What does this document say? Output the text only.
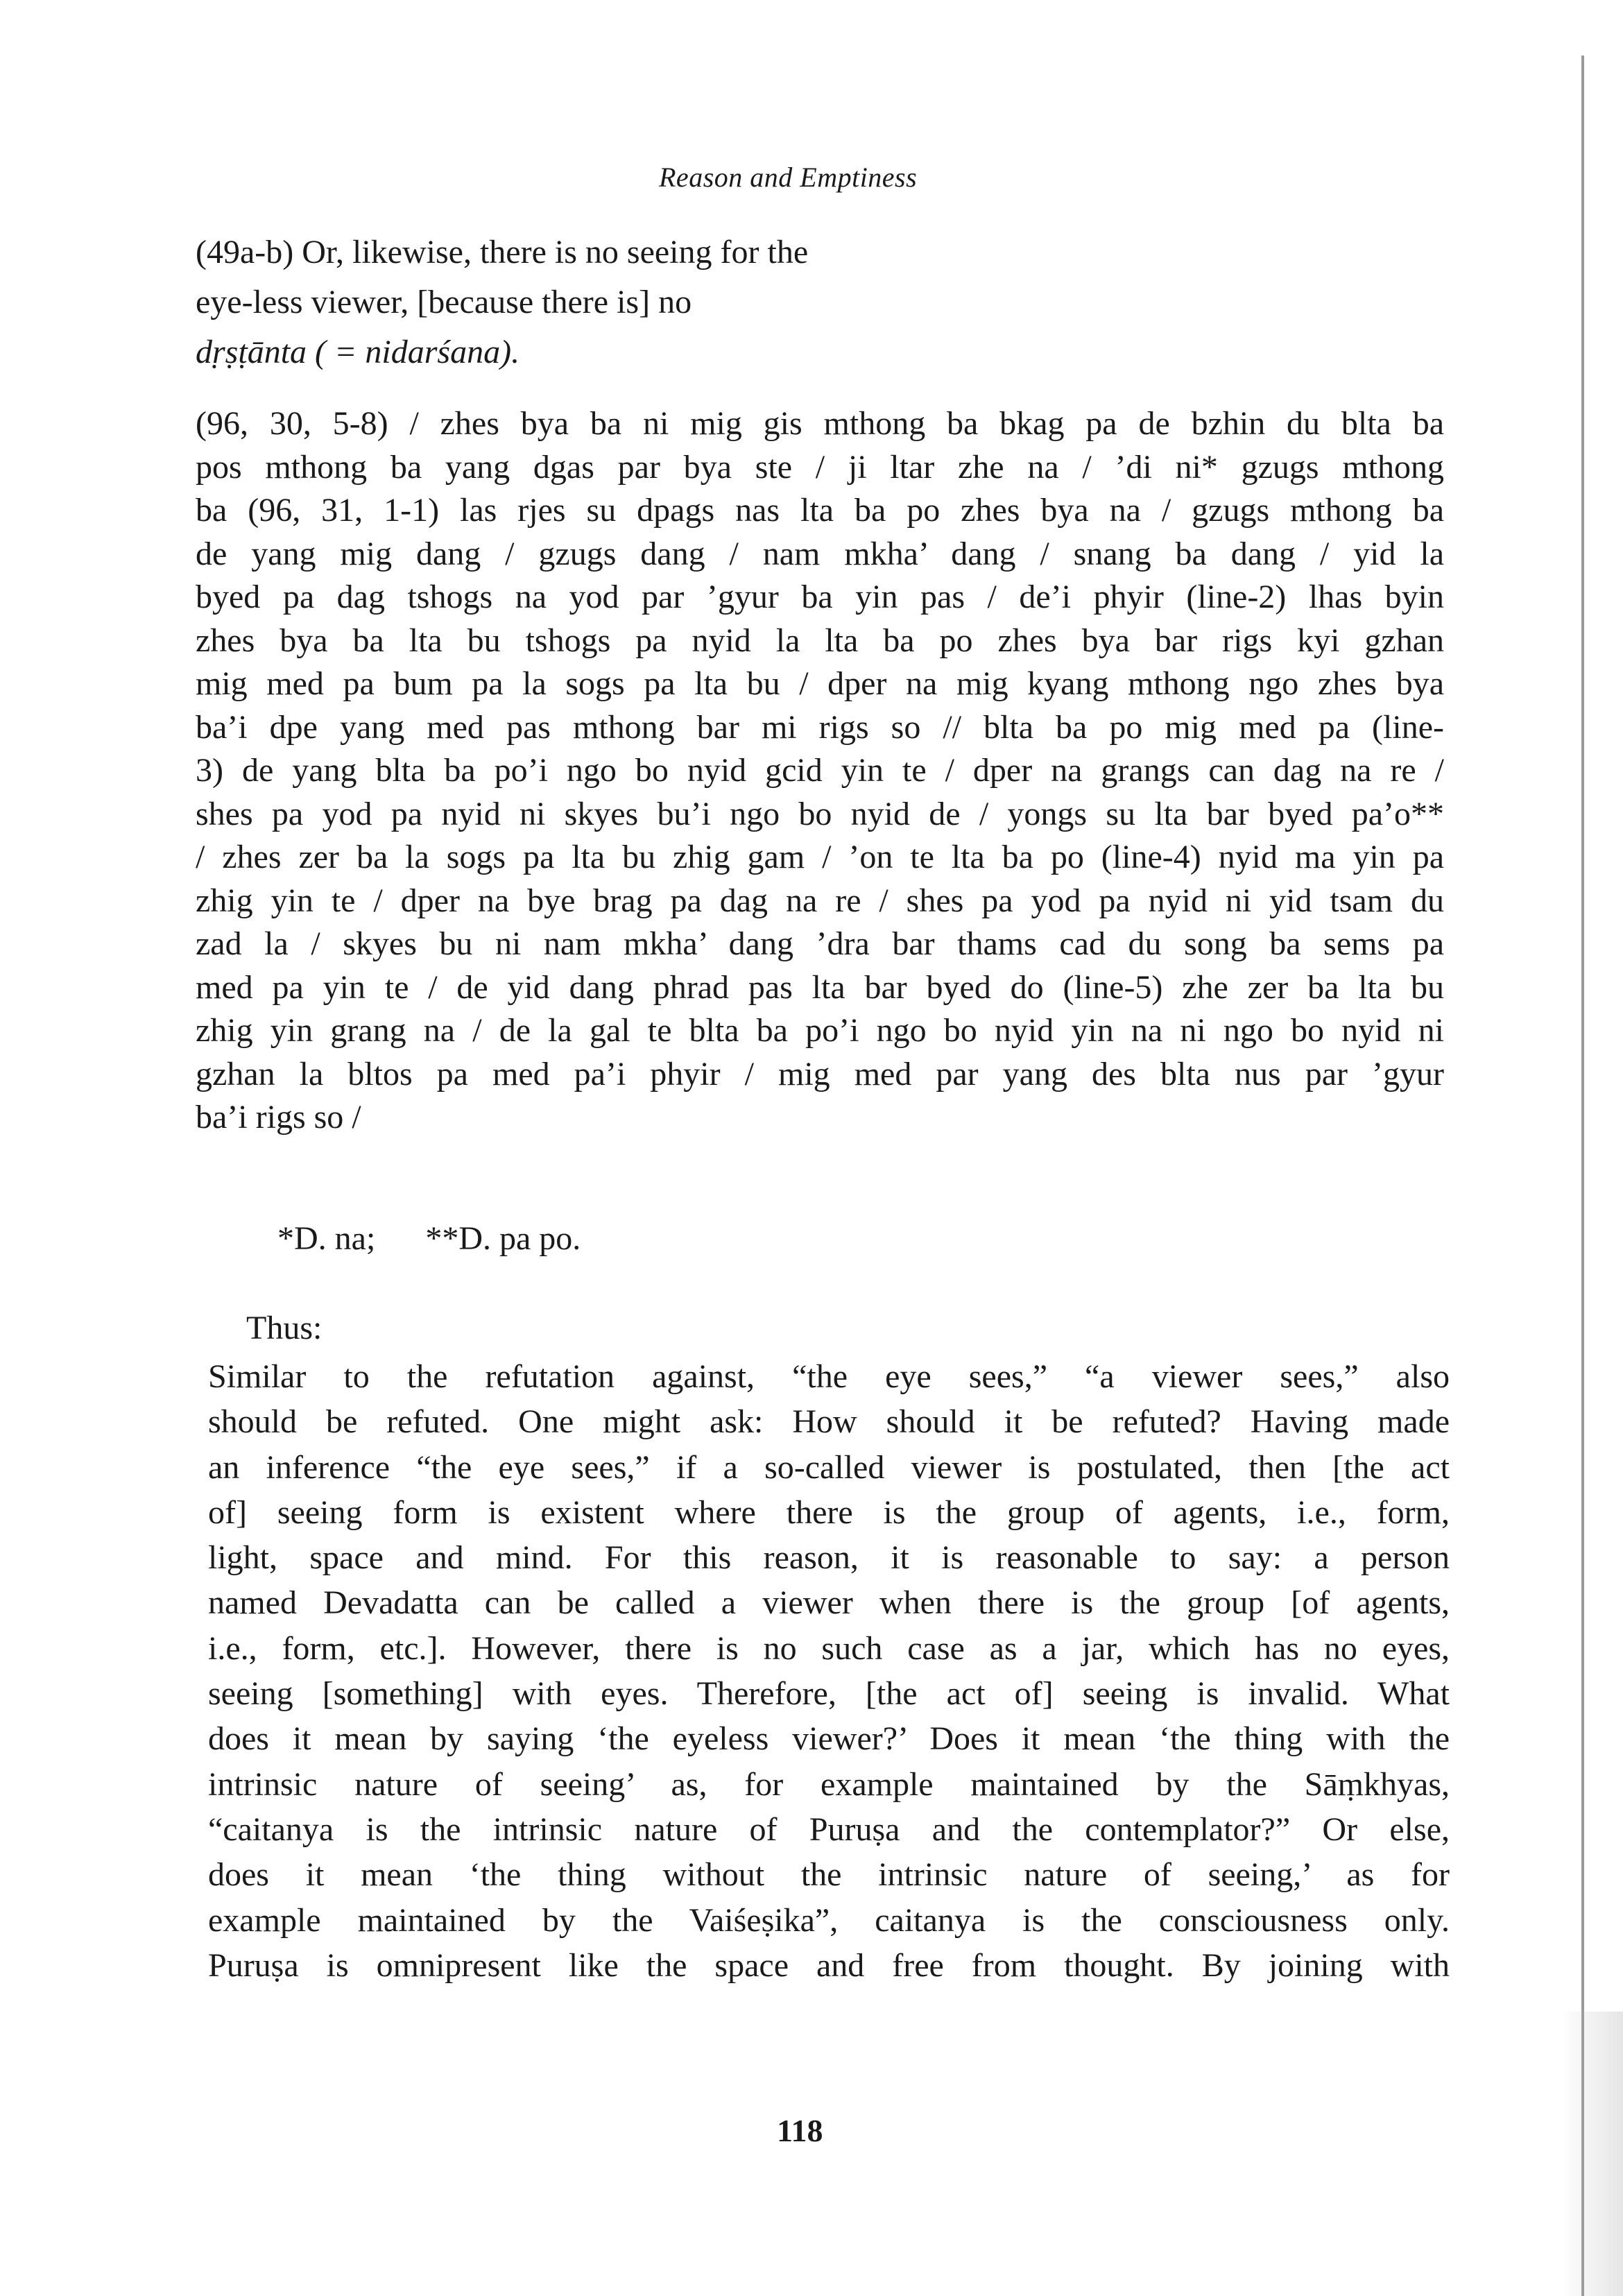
Reason and Emptiness
(49a-b) Or, likewise, there is no seeing for the
eye-less viewer, [because there is] no
dṛṣṭānta ( = nidarśana).
(96, 30, 5-8) / zhes bya ba ni mig gis mthong ba bkag pa de bzhin du blta ba
pos mthong ba yang dgas par bya ste / ji ltar zhe na / ’di ni* gzugs mthong
ba (96, 31, 1-1) las rjes su dpags nas lta ba po zhes bya na / gzugs mthong ba
de yang mig dang / gzugs dang / nam mkha’ dang / snang ba dang / yid la
byed pa dag tshogs na yod par ’gyur ba yin pas / de’i phyir (line-2) lhas byin
zhes bya ba lta bu tshogs pa nyid la lta ba po zhes bya bar rigs kyi gzhan
mig med pa bum pa la sogs pa lta bu / dper na mig kyang mthong ngo zhes bya
ba’i dpe yang med pas mthong bar mi rigs so // blta ba po mig med pa (line-
3) de yang blta ba po’i ngo bo nyid gcid yin te / dper na grangs can dag na re /
shes pa yod pa nyid ni skyes bu’i ngo bo nyid de / yongs su lta bar byed pa’o**
/ zhes zer ba la sogs pa lta bu zhig gam / ’on te lta ba po (line-4) nyid ma yin pa
zhig yin te / dper na bye brag pa dag na re / shes pa yod pa nyid ni yid tsam du
zad la / skyes bu ni nam mkha’ dang ’dra bar thams cad du song ba sems pa
med pa yin te / de yid dang phrad pas lta bar byed do (line-5) zhe zer ba lta bu
zhig yin grang na / de la gal te blta ba po’i ngo bo nyid yin na ni ngo bo nyid ni
gzhan la bltos pa med pa’i phyir / mig med par yang des blta nus par ’gyur
ba’i rigs so /
*D. na; **D. pa po.
Thus:
Similar to the refutation against, “the eye sees,” “a viewer sees,” also
should be refuted. One might ask: How should it be refuted? Having made
an inference “the eye sees,” if a so-called viewer is postulated, then [the act
of] seeing form is existent where there is the group of agents, i.e., form,
light, space and mind. For this reason, it is reasonable to say: a person
named Devadatta can be called a viewer when there is the group [of agents,
i.e., form, etc.]. However, there is no such case as a jar, which has no eyes,
seeing [something] with eyes. Therefore, [the act of] seeing is invalid. What
does it mean by saying ‘the eyeless viewer?’ Does it mean ‘the thing with the
intrinsic nature of seeing’ as, for example maintained by the Sāṃkhyas,
“caitanya is the intrinsic nature of Puruṣa and the contemplator?” Or else,
does it mean ‘the thing without the intrinsic nature of seeing,’ as for
example maintained by the Vaiśeṣika”, caitanya is the consciousness only.
Puruṣa is omnipresent like the space and free from thought. By joining with
118
